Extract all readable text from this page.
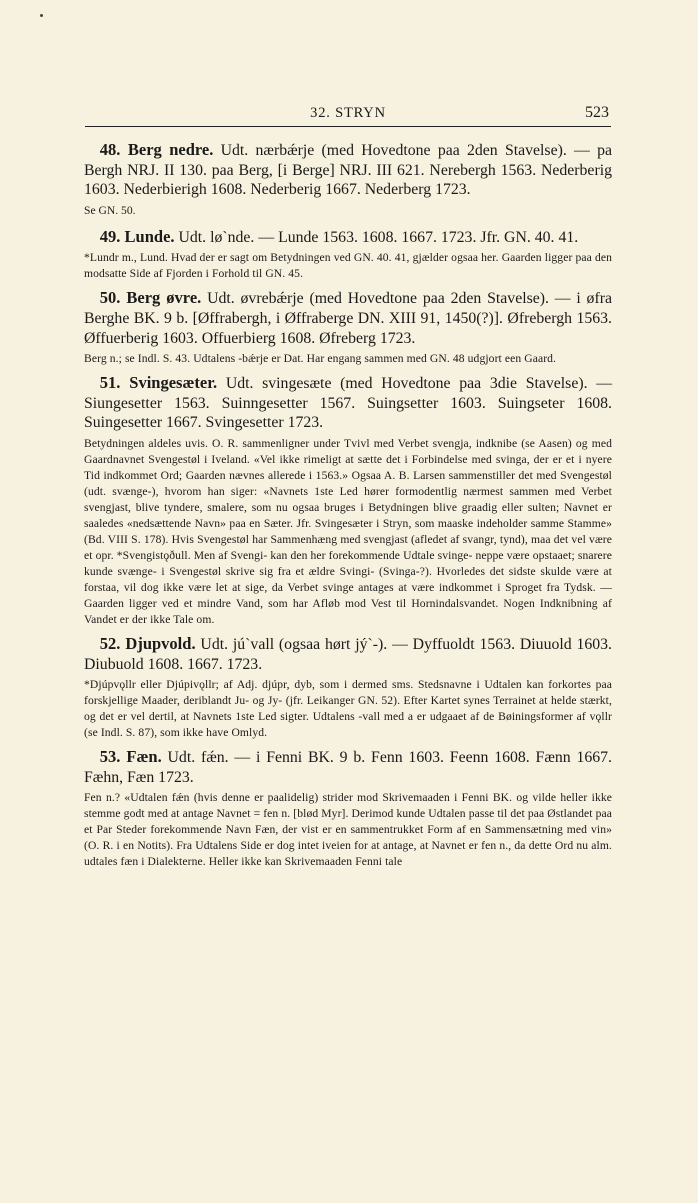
32. STRYN	523

  48. Berg nedre. Udt. nærbǽrje (med Hovedtone paa 2den Stavelse). — pa Bergh NRJ. II 130. paa Berg, [i Berge] NRJ. III 621. Nerebergh 1563. Nederberig 1603. Nederbierigh 1608. Nederberig 1667. Nederberg 1723.

Se GN. 50.

  49. Lunde. Udt. lø`nde. — Lunde 1563. 1608. 1667. 1723. Jfr. GN. 40. 41.

*Lundr m., Lund. Hvad der er sagt om Betydningen ved GN. 40. 41, gjælder ogsaa her. Gaarden ligger paa den modsatte Side af Fjorden i Forhold til GN. 45.

  50. Berg øvre. Udt. øvrebǽrje (med Hovedtone paa 2den Stavelse). — i øfra Berghe BK. 9 b. [Øffrabergh, i Øffraberge DN. XIII 91, 1450(?)]. Øfrebergh 1563. Øffuerberig 1603. Offuerbierg 1608. Øfreberg 1723.

Berg n.; se Indl. S. 43. Udtalens -bǽrje er Dat. Har engang sammen med GN. 48 udgjort een Gaard.

  51. Svingesæter. Udt. svingesæte (med Hovedtone paa 3die Stavelse). — Siungesetter 1563. Suinngesetter 1567. Suingsetter 1603. Suingseter 1608. Suingesetter 1667. Svingesetter 1723.

Betydningen aldeles uvis. O. R. sammenligner under Tvivl med Verbet svengja, indknibe (se Aasen) og med Gaardnavnet Svengestøl i Iveland. «Vel ikke rimeligt at sætte det i Forbindelse med svinga, der er et i nyere Tid indkommet Ord; Gaarden nævnes allerede i 1563.» Ogsaa A. B. Larsen sammenstiller det med Svengestøl (udt. svænge-), hvorom han siger: «Navnets 1ste Led hører formodentlig nærmest sammen med Verbet svengjast, blive tyndere, smalere, som nu ogsaa bruges i Betydningen blive graadig eller sulten; Navnet er saaledes «nedsættende Navn» paa en Sæter. Jfr. Svingesæter i Stryn, som maaske indeholder samme Stamme» (Bd. VIII S. 178). Hvis Svengestøl har Sammenhæng med svengjast (afledet af svangr, tynd), maa det vel være et opr. *Svengistǫðull. Men af Svengi- kan den her forekommende Udtale svinge- neppe være opstaaet; snarere kunde svænge- i Svengestøl skrive sig fra et ældre Svingi- (Svinga-?). Hvorledes det sidste skulde være at forstaa, vil dog ikke være let at sige, da Verbet svinge antages at være indkommet i Sproget fra Tydsk. — Gaarden ligger ved et mindre Vand, som har Afløb mod Vest til Hornindalsvandet. Nogen Indknibning af Vandet er der ikke Tale om.

  52. Djupvold. Udt. jú`vall (ogsaa hørt jý`-). — Dyffuoldt 1563. Diuuold 1603. Diubuold 1608. 1667. 1723.

*Djúpvǫllr eller Djúpivǫllr; af Adj. djúpr, dyb, som i dermed sms. Stedsnavne i Udtalen kan forkortes paa forskjellige Maader, deriblandt Ju- og Jy- (jfr. Leikanger GN. 52). Efter Kartet synes Terrainet at helde stærkt, og det er vel dertil, at Navnets 1ste Led sigter. Udtalens -vall med a er udgaaet af de Bøiningsformer af vǫllr (se Indl. S. 87), som ikke have Omlyd.

  53. Fæn. Udt. fǽn. — i Fenni BK. 9 b. Fenn 1603. Feenn 1608. Fænn 1667. Fæhn, Fæn 1723.

Fen n.? «Udtalen fǽn (hvis denne er paalidelig) strider mod Skrivemaaden i Fenni BK. og vilde heller ikke stemme godt med at antage Navnet = fen n. [blød Myr]. Derimod kunde Udtalen passe til det paa Østlandet paa et Par Steder forekommende Navn Fæn, der vist er en sammentrukket Form af en Sammensætning med vin» (O. R. i en Notits). Fra Udtalens Side er dog intet iveien for at antage, at Navnet er fen n., da dette Ord nu alm. udtales fæn i Dialekterne. Heller ikke kan Skrivemaaden Fenni tale
